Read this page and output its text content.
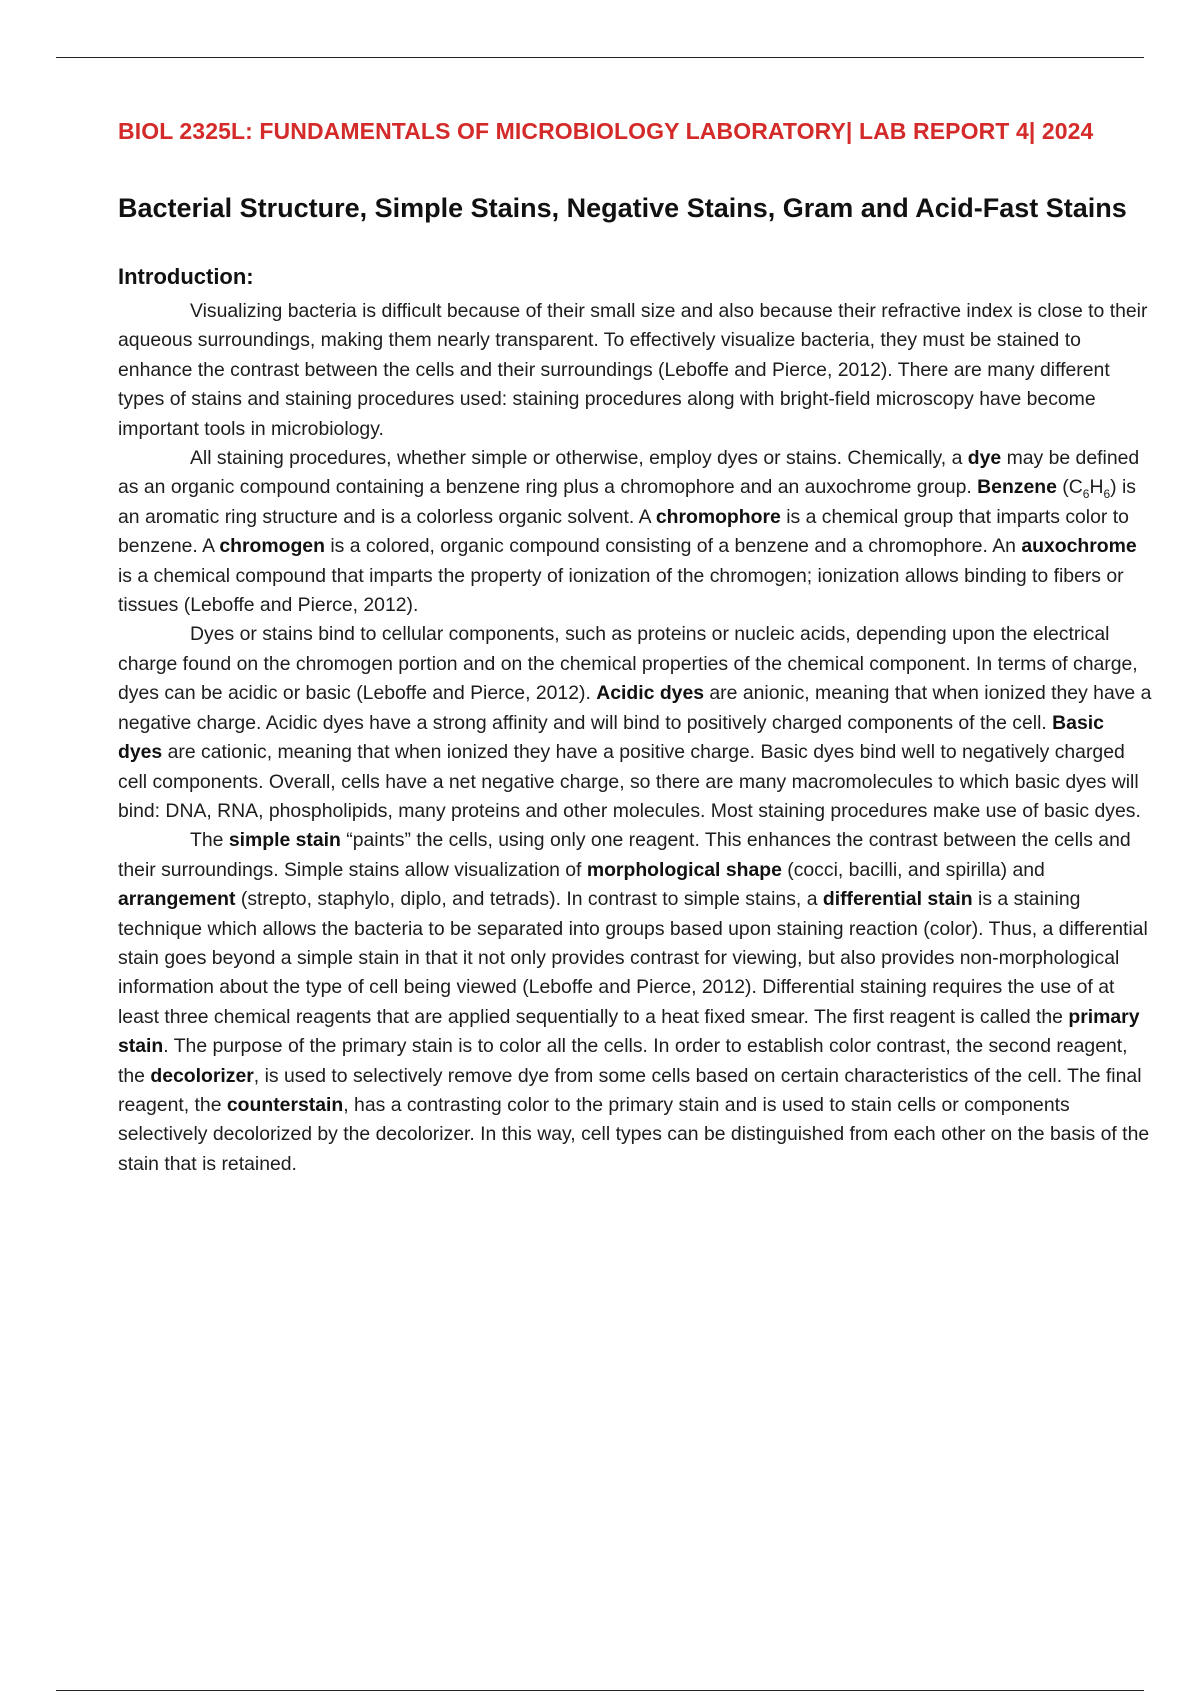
BIOL 2325L: FUNDAMENTALS OF MICROBIOLOGY LABORATORY| LAB REPORT 4| 2024
Bacterial Structure, Simple Stains, Negative Stains, Gram and Acid-Fast Stains
Introduction:

Visualizing bacteria is difficult because of their small size and also because their refractive index is close to their aqueous surroundings, making them nearly transparent. To effectively visualize bacteria, they must be stained to enhance the contrast between the cells and their surroundings (Leboffe and Pierce, 2012). There are many different types of stains and staining procedures used: staining procedures along with bright-field microscopy have become important tools in microbiology.

All staining procedures, whether simple or otherwise, employ dyes or stains. Chemically, a dye may be defined as an organic compound containing a benzene ring plus a chromophore and an auxochrome group. Benzene $(C_6H_6)$ is an aromatic ring structure and is a colorless organic solvent. A chromophore is a chemical group that imparts color to benzene. A chromogen is a colored, organic compound consisting of a benzene and a chromophore. An auxochrome is a chemical compound that imparts the property of ionization of the chromogen; ionization allows binding to fibers or tissues (Leboffe and Pierce, 2012).

Dyes or stains bind to cellular components, such as proteins or nucleic acids, depending upon the electrical charge found on the chromogen portion and on the chemical properties of the chemical component. In terms of charge, dyes can be acidic or basic (Leboffe and Pierce, 2012). Acidic dyes are anionic, meaning that when ionized they have a negative charge. Acidic dyes have a strong affinity and will bind to positively charged components of the cell. Basic dyes are cationic, meaning that when ionized they have a positive charge. Basic dyes bind well to negatively charged cell components. Overall, cells have a net negative charge, so there are many macromolecules to which basic dyes will bind: DNA, RNA, phospholipids, many proteins and other molecules. Most staining procedures make use of basic dyes.

The simple stain “paints” the cells, using only one reagent. This enhances the contrast between the cells and their surroundings. Simple stains allow visualization of morphological shape (cocci, bacilli, and spirilla) and arrangement (strepto, staphylo, diplo, and tetrads). In contrast to simple stains, a differential stain is a staining technique which allows the bacteria to be separated into groups based upon staining reaction (color). Thus, a differential stain goes beyond a simple stain in that it not only provides contrast for viewing, but also provides non-morphological information about the type of cell being viewed (Leboffe and Pierce, 2012). Differential staining requires the use of at least three chemical reagents that are applied sequentially to a heat fixed smear. The first reagent is called the primary stain. The purpose of the primary stain is to color all the cells. In order to establish color contrast, the second reagent, the decolorizer, is used to selectively remove dye from some cells based on certain characteristics of the cell. The final reagent, the counterstain, has a contrasting color to the primary stain and is used to stain cells or components selectively decolorized by the decolorizer. In this way, cell types can be distinguished from each other on the basis of the stain that is retained.
